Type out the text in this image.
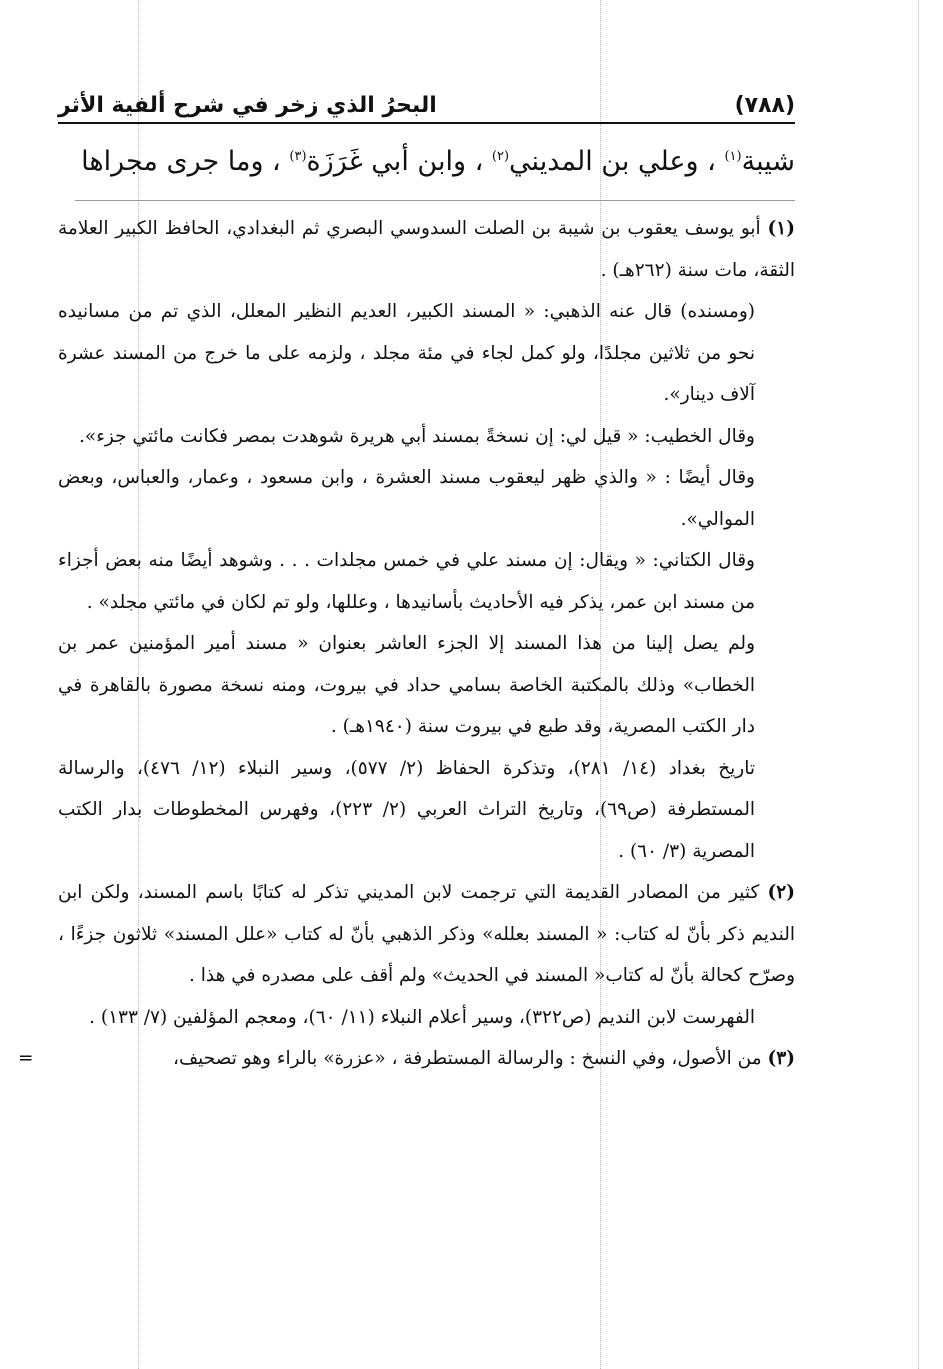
(٧٨٨)
البحرُ الذي زخر في شرح ألفية الأثر
شيبة$^{(١)}$ ، وعلي بن المديني$^{(٢)}$ ، وابن أبي غَرَزَة$^{(٣)}$ ، وما جرى مجراها

(١) أبو يوسف يعقوب بن شيبة بن الصلت السدوسي البصري ثم البغدادي، الحافظ الكبير العلامة الثقة، مات سنة (٢٦٢هـ) .

(ومسنده) قال عنه الذهبي: « المسند الكبير، العديم النظير المعلل، الذي تم من مسانيده نحو من ثلاثين مجلدًا، ولو كمل لجاء في مئة مجلد ، ولزمه على ما خرج من المسند عشرة آلاف دينار».

وقال الخطيب: « قيل لي: إن نسخةً بمسند أبي هريرة شوهدت بمصر فكانت مائتي جزء».

وقال أيضًا : « والذي ظهر ليعقوب مسند العشرة ، وابن مسعود ، وعمار، والعباس، وبعض الموالي».

وقال الكتاني: « ويقال: إن مسند علي في خمس مجلدات . . . وشوهد أيضًا منه بعض أجزاء من مسند ابن عمر، يذكر فيه الأحاديث بأسانيدها ، وعللها، ولو تم لكان في مائتي مجلد» .

ولم يصل إلينا من هذا المسند إلا الجزء العاشر بعنوان « مسند أمير المؤمنين عمر بن الخطاب» وذلك بالمكتبة الخاصة بسامي حداد في بيروت، ومنه نسخة مصورة بالقاهرة في دار الكتب المصرية، وقد طبع في بيروت سنة (١٩٤٠هـ) .

تاريخ بغداد (١٤/ ٢٨١)، وتذكرة الحفاظ (٢/ ٥٧٧)، وسير النبلاء (١٢/ ٤٧٦)، والرسالة المستطرفة (ص٦٩)، وتاريخ التراث العربي (٢/ ٢٢٣)، وفهرس المخطوطات بدار الكتب المصرية (٣/ ٦٠) .

(٢) كثير من المصادر القديمة التي ترجمت لابن المديني تذكر له كتابًا باسم المسند، ولكن ابن النديم ذكر بأنّ له كتاب: « المسند بعلله» وذكر الذهبي بأنّ له كتاب «علل المسند» ثلاثون جزءًا ، وصرّح كحالة بأنّ له كتاب« المسند في الحديث» ولم أقف على مصدره في هذا .

الفهرست لابن النديم (ص٣٢٢)، وسير أعلام النبلاء (١١/ ٦٠)، ومعجم المؤلفين (٧/ ١٣٣) .

(٣) من الأصول، وفي النسخ : والرسالة المستطرفة ، «عزرة» بالراء وهو تصحيف،
=
